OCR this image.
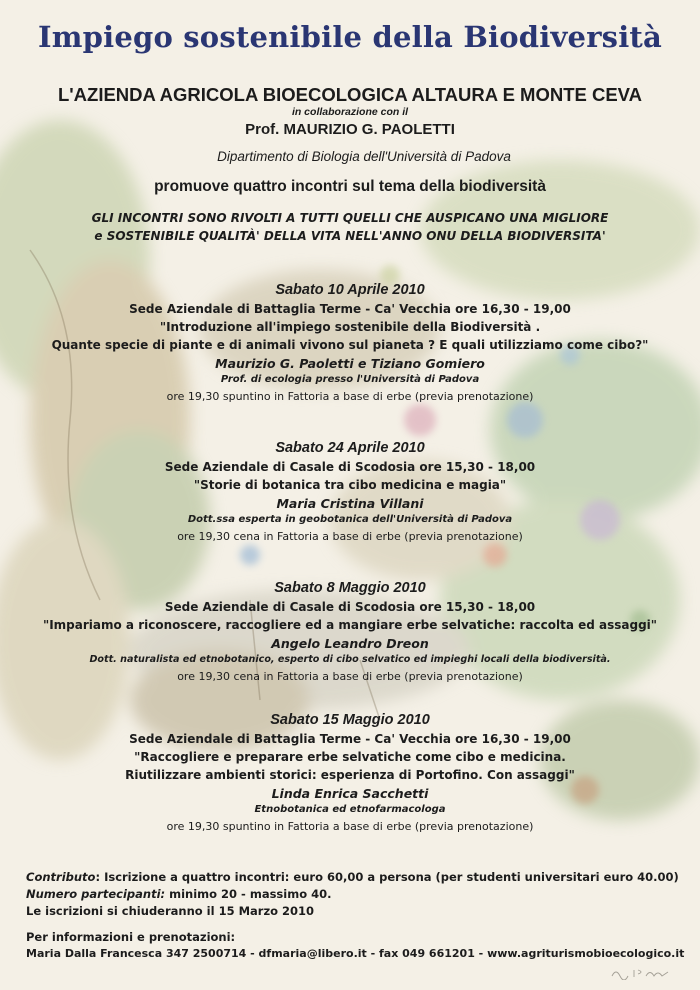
Impiego sostenibile della Biodiversità
L'AZIENDA AGRICOLA BIOECOLOGICA ALTAURA E MONTE CEVA
in collaborazione con il
Prof. MAURIZIO G. PAOLETTI
Dipartimento di Biologia dell'Università di Padova
promuove quattro incontri sul tema della biodiversità
GLI INCONTRI SONO RIVOLTI A TUTTI QUELLI CHE AUSPICANO UNA MIGLIORE
e SOSTENIBILE QUALITÀ' DELLA VITA NELL'ANNO ONU DELLA BIODIVERSITA'
Sabato 10 Aprile 2010
Sede Aziendale di Battaglia Terme - Ca' Vecchia ore 16,30 - 19,00
"Introduzione all'impiego sostenibile della Biodiversità .
Quante specie di piante e di animali vivono sul pianeta ? E quali utilizziamo come cibo?"
Maurizio G. Paoletti e Tiziano Gomiero
Prof. di ecologia presso l'Università di Padova
ore 19,30 spuntino in Fattoria a base di erbe (previa prenotazione)
Sabato 24 Aprile 2010
Sede Aziendale di Casale di Scodosia ore 15,30 - 18,00
"Storie di botanica tra cibo medicina e magia"
Maria Cristina Villani
Dott.ssa esperta in geobotanica dell'Università di Padova
ore 19,30 cena in Fattoria a base di erbe (previa prenotazione)
Sabato 8 Maggio 2010
Sede Aziendale di Casale di Scodosia ore 15,30 - 18,00
"Impariamo a riconoscere, raccogliere ed a mangiare erbe selvatiche: raccolta ed assaggi"
Angelo Leandro Dreon
Dott. naturalista ed etnobotanico, esperto di cibo selvatico ed impieghi locali della biodiversità.
ore 19,30 cena in Fattoria a base di erbe (previa prenotazione)
Sabato 15 Maggio 2010
Sede Aziendale di Battaglia Terme - Ca' Vecchia ore 16,30 - 19,00
"Raccogliere e preparare erbe selvatiche come cibo e medicina.
Riutilizzare ambienti storici: esperienza di Portofino. Con assaggi"
Linda Enrica Sacchetti
Etnobotanica ed etnofarmacologa
ore 19,30 spuntino in Fattoria a base di erbe (previa prenotazione)
Contributo: Iscrizione a quattro incontri: euro 60,00 a persona (per studenti universitari euro 40.00)
Numero partecipanti: minimo 20 - massimo 40.
Le iscrizioni si chiuderanno il 15 Marzo 2010
Per informazioni e prenotazioni:
Maria Dalla Francesca 347 2500714 - dfmaria@libero.it - fax 049 661201 - www.agriturismobioecologico.it
